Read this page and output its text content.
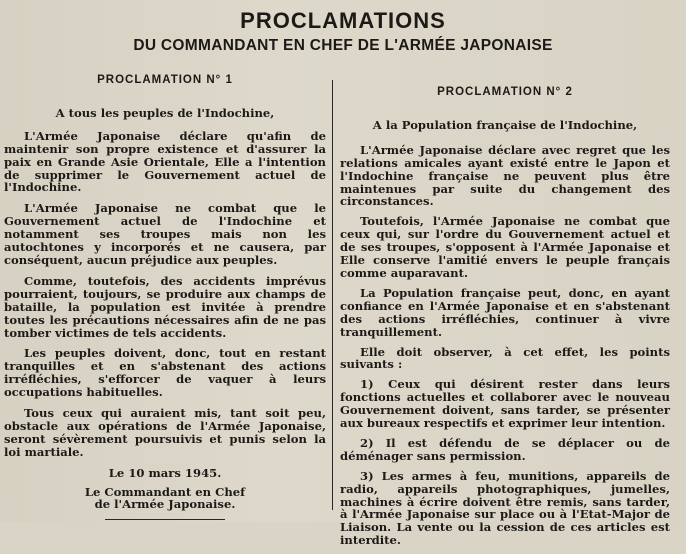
PROCLAMATIONS
DU COMMANDANT EN CHEF DE L'ARMÉE JAPONAISE

PROCLAMATION N° 1

A tous les peuples de l'Indochine,

L'Armée Japonaise déclare qu'afin de maintenir son propre existence et d'assurer la paix en Grande Asie Orientale, Elle a l'intention de supprimer le Gouvernement actuel de l'Indochine.

L'Armée Japonaise ne combat que le Gouvernement actuel de l'Indochine et notamment ses troupes mais non les autochtones y incorporés et ne causera, par conséquent, aucun préjudice aux peuples.

Comme, toutefois, des accidents imprévus pourraient, toujours, se produire aux champs de bataille, la population est invitée à prendre toutes les précautions nécessaires afin de ne pas tomber victimes de tels accidents.

Les peuples doivent, donc, tout en restant tranquilles et en s'abstenant des actions irréfléchies, s'efforcer de vaquer à leurs occupations habituelles.

Tous ceux qui auraient mis, tant soit peu, obstacle aux opérations de l'Armée Japonaise, seront sévèrement poursuivis et punis selon la loi martiale.

Le 10 mars 1945.

Le Commandant en Chef

de l'Armée Japonaise.

PROCLAMATION N° 2

A la Population française de l'Indochine,

L'Armée Japonaise déclare avec regret que les relations amicales ayant existé entre le Japon et l'Indochine française ne peuvent plus être maintenues par suite du changement des circonstances.

Toutefois, l'Armée Japonaise ne combat que ceux qui, sur l'ordre du Gouvernement actuel et de ses troupes, s'opposent à l'Armée Japonaise et Elle conserve l'amitié envers le peuple français comme auparavant.

La Population française peut, donc, en ayant confiance en l'Armée Japonaise et en s'abstenant des actions irréfléchies, continuer à vivre tranquillement.

Elle doit observer, à cet effet, les points suivants :

1) Ceux qui désirent rester dans leurs fonctions actuelles et collaborer avec le nouveau Gouvernement doivent, sans tarder, se présenter aux bureaux respectifs et exprimer leur intention.

2) Il est défendu de se déplacer ou de déménager sans permission.

3) Les armes à feu, munitions, appareils de radio, appareils photographiques, jumelles, machines à écrire doivent être remis, sans tarder, à l'Armée Japonaise sur place ou à l'Etat-Major de Liaison. La vente ou la cession de ces articles est interdite.
